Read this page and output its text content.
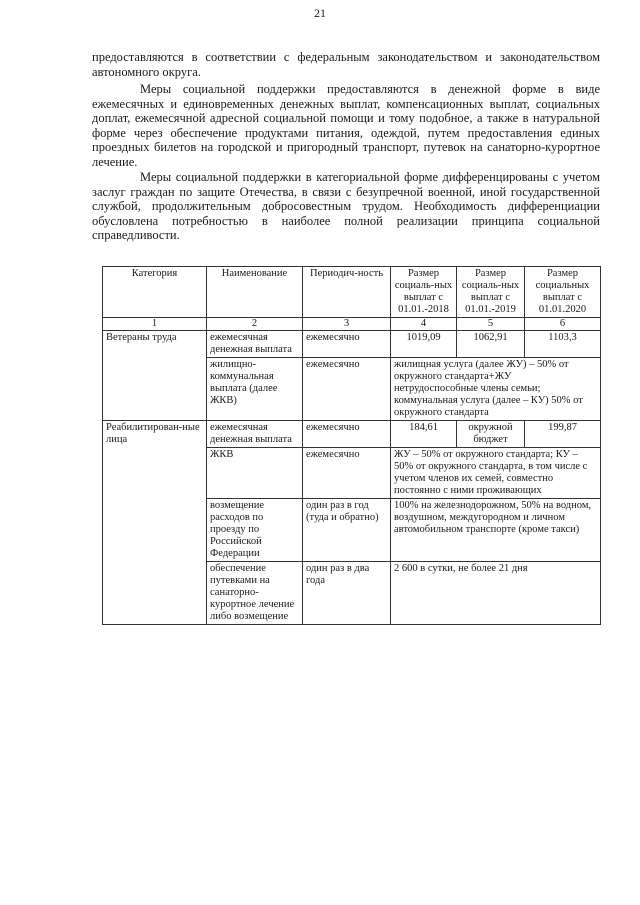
21

предоставляются в соответствии с федеральным законодательством и законодательством автономного округа.

Меры социальной поддержки предоставляются в денежной форме в виде ежемесячных и единовременных денежных выплат, компенсационных выплат, социальных доплат, ежемесячной адресной социальной помощи и тому подобное, а также в натуральной форме через обеспечение продуктами питания, одеждой, путем предоставления единых проездных билетов на городской и пригородный транспорт, путевок на санаторно-курортное лечение.

Меры социальной поддержки в категориальной форме дифференцированы с учетом заслуг граждан по защите Отечества, в связи с безупречной военной, иной государственной службой, продолжительным добросовестным трудом. Необходимость дифференциации обусловлена потребностью в наиболее полной реализации принципа социальной справедливости.

Категория	Наименование	Периодич-ность	Размер социаль-ных выплат с 01.01.-2018	Размер социаль-ных выплат с 01.01.-2019	Размер социальных выплат с 01.01.2020
1	2	3	4	5	6
Ветераны труда	ежемесячная денежная выплата	ежемесячно	1019,09	1062,91	1103,3
	жилищно-коммунальная выплата (далее ЖКВ)	ежемесячно	жилищная услуга (далее ЖУ) – 50% от окружного стандарта+ЖУ нетрудоспособные члены семьи; коммунальная услуга (далее – КУ) 50% от окружного стандарта		
Реабилитирован-ные лица	ежемесячная денежная выплата	ежемесячно	184,61	окружной бюджет	199,87
	ЖКВ	ежемесячно	ЖУ – 50% от окружного стандарта; КУ – 50% от окружного стандарта, в том числе с учетом членов их семей, совместно постоянно с ними проживающих		
	возмещение расходов по проезду по Российской Федерации	один раз в год (туда и обратно)	100% на железнодорожном, 50% на водном, воздушном, междугородном и личном автомобильном транспорте (кроме такси)		
	обеспечение путевками на санаторно-курортное лечение либо возмещение	один раз в два года	2 600 в сутки, не более 21 дня		
